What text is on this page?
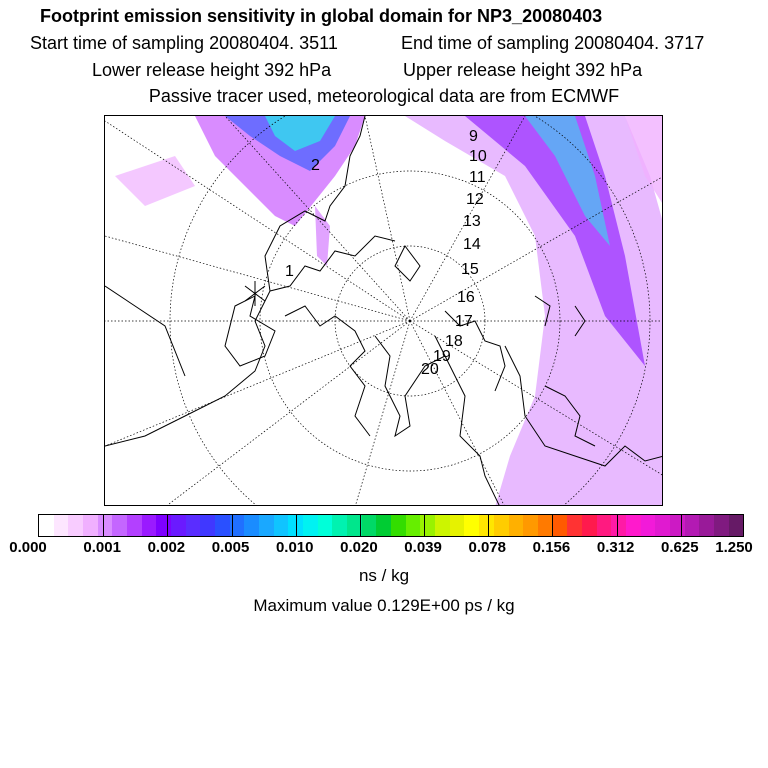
Footprint emission sensitivity in global domain for NP3_20080403
Start time of sampling 20080404. 3511	End time of sampling 20080404. 3717
Lower release height 392 hPa	Upper release height 392 hPa
Passive tracer used, meteorological data are from ECMWF
1
2
9
10
11
12
13
14
15
16
17
18
19
20
0.000 0.001 0.002 0.005 0.010 0.020 0.039 0.078 0.156 0.312 0.625 1.250
ns / kg
Maximum value 0.129E+00 ps / kg
